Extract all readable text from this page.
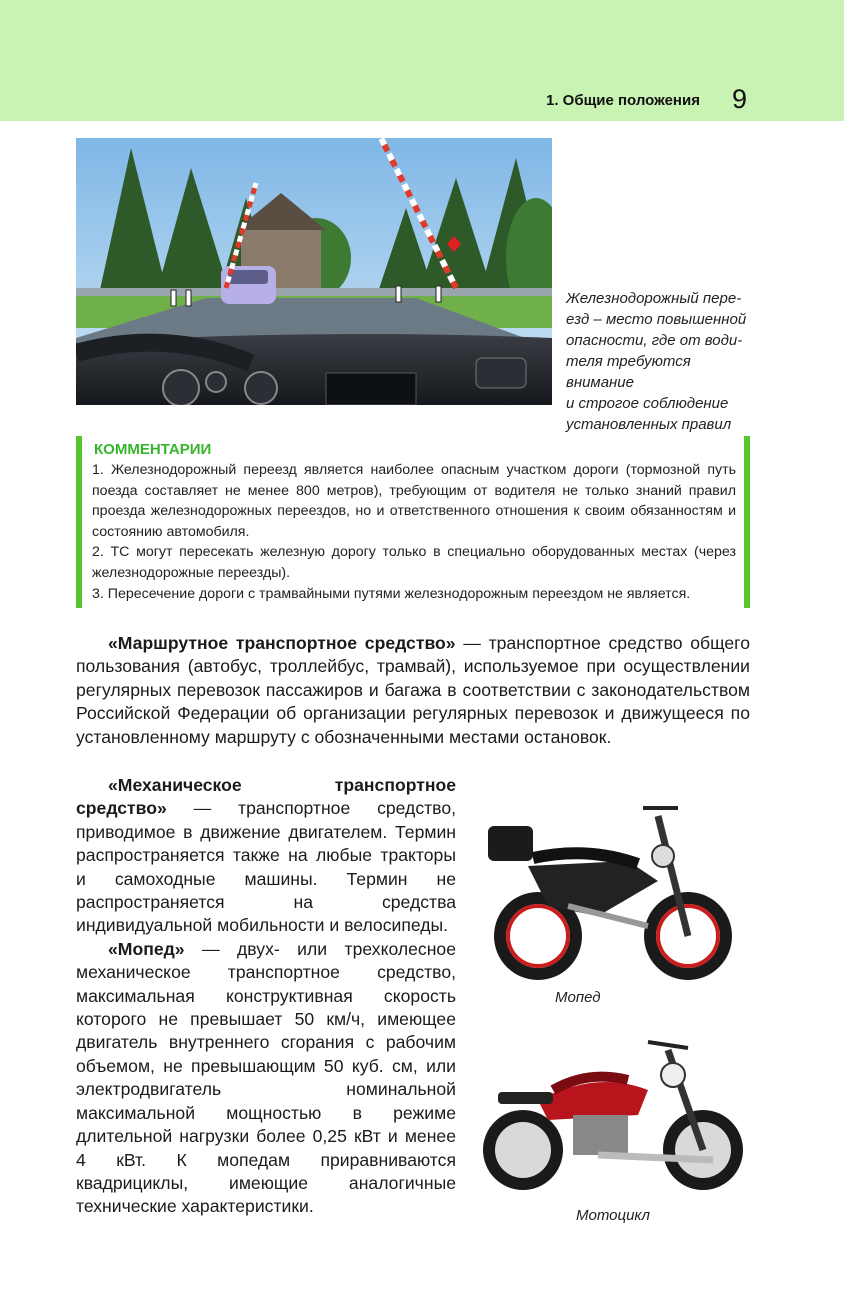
1. Общие положения 9
Железнодорожный пере-
езд – место повышенной
опасности, где от води-
теля требуются внимание
и строгое соблюдение
установленных правил
КОММЕНТАРИИ

1. Железнодорожный переезд является наиболее опасным участком дороги (тормозной путь поезда составляет не менее 800 метров), требующим от водителя не только знаний правил проезда железнодорожных переездов, но и ответственного отношения к своим обязанностям и состоянию автомобиля.

2. ТС могут пересекать железную дорогу только в специально оборудованных местах (через железнодорожные переезды).

3. Пересечение дороги с трамвайными путями железнодорожным переездом не является.

«Маршрутное транспортное средство» — транспортное средство общего пользования (автобус, троллейбус, трамвай), используемое при осуществлении регулярных перевозок пассажиров и багажа в соответствии с законодательством Российской Федерации об организации регулярных перевозок и движущееся по установленному маршруту с обозначенными местами остановок.

«Механическое транспортное средство» — транспортное средство, приводимое в движение двигателем. Термин распространяется также на любые тракторы и самоходные машины. Термин не распространяется на средства индивидуальной мобильности и велосипеды.

«Мопед» — двух- или трехколесное механическое транспортное средство, максимальная конструктивная скорость которого не превышает 50 км/ч, имеющее двигатель внутреннего сгорания с рабочим объемом, не превышающим 50 куб. см, или электродвигатель номинальной максимальной мощностью в режиме длительной нагрузки более 0,25 кВт и менее 4 кВт. К мопедам приравниваются квадрициклы, имеющие аналогичные технические характеристики.

Мопед
Мотоцикл
